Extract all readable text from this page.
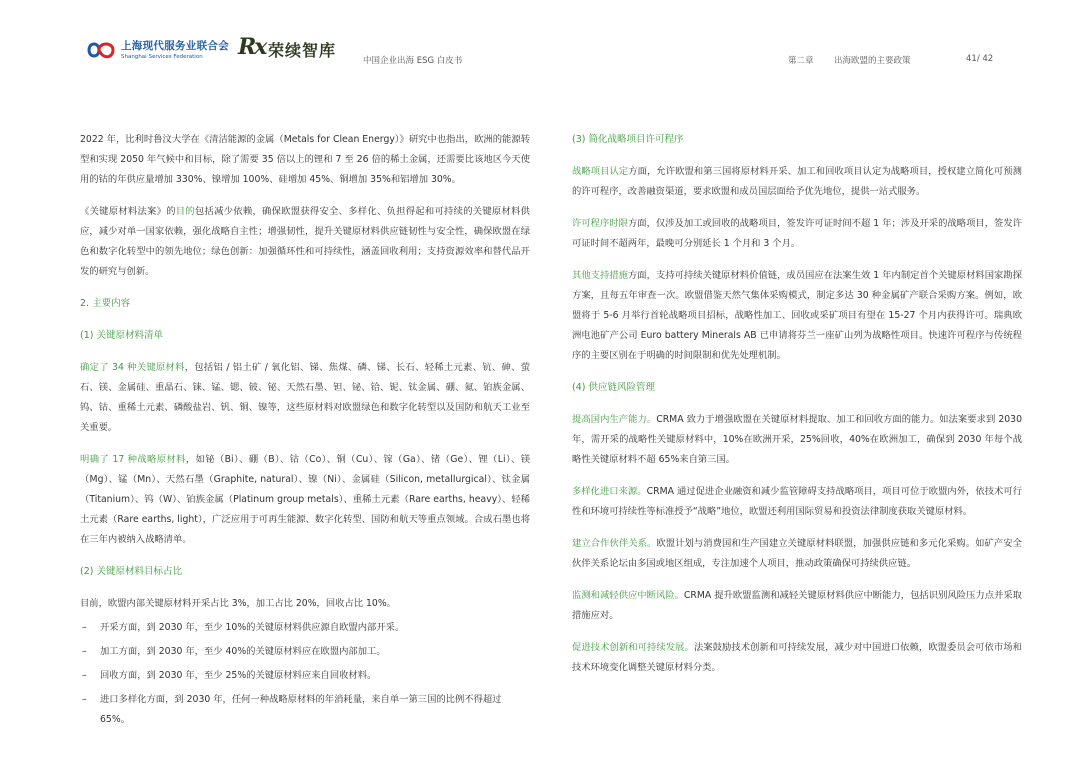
上海现代服务业联合会
Shanghai Services Federation	Rx 荣续智库
中国企业出海 ESG 白皮书	第二章 出海欧盟的主要政策	41/ 42

2022 年，比利时鲁汶大学在《清洁能源的金属（Metals for Clean Energy）》研究中也指出，欧洲的能源转型和实现 2050 年气候中和目标，除了需要 35 倍以上的锂和 7 至 26 倍的稀土金属，还需要比该地区今天使用的钴的年供应量增加 330%、镍增加 100%、硅增加 45%、铜增加 35%和铝增加 30%。

《关键原材料法案》的目的包括减少依赖，确保欧盟获得安全、多样化、负担得起和可持续的关键原材料供应，减少对单一国家依赖，强化战略自主性；增强韧性，提升关键原材料供应链韧性与安全性，确保欧盟在绿色和数字化转型中的领先地位；绿色创新：加强循环性和可持续性，涵盖回收利用；支持资源效率和替代品开发的研究与创新。

2. 主要内容
(1) 关键原材料清单

确定了 34 种关键原材料，包括铝 / 铝土矿 / 氧化铝、锑、焦煤、磷、锑、长石、轻稀土元素、钪、砷、萤石、镁、金属硅、重晶石、铼、锰、锶、铍、铋、天然石墨、钽、铋、铪、铌、钛金属、硼、氦、铂族金属、钨、钴、重稀土元素、磷酸盐岩、钒、铜、镍等，这些原材料对欧盟绿色和数字化转型以及国防和航天工业至关重要。

明确了 17 种战略原材料，如铋（Bi）、硼（B）、钴（Co）、铜（Cu）、镓（Ga）、锗（Ge）、锂（Li）、镁（Mg）、锰（Mn）、天然石墨（Graphite, natural）、镍（Ni）、金属硅（Silicon, metallurgical）、钛金属（Titanium）、钨（W）、铂族金属（Platinum group metals）、重稀土元素（Rare earths, heavy）、轻稀土元素（Rare earths, light），广泛应用于可再生能源、数字化转型、国防和航天等重点领域。合成石墨也将在三年内被纳入战略清单。

(2) 关键原材料目标占比

目前，欧盟内部关键原材料开采占比 3%，加工占比 20%，回收占比 10%。

– 开采方面，到 2030 年，至少 10%的关键原材料供应源自欧盟内部开采。
– 加工方面，到 2030 年，至少 40%的关键原材料应在欧盟内部加工。
– 回收方面，到 2030 年，至少 25%的关键原材料应来自回收材料。
– 进口多样化方面，到 2030 年，任何一种战略原材料的年消耗量，来自单一第三国的比例不得超过 65%。
(3) 简化战略项目许可程序

战略项目认定方面，允许欧盟和第三国将原材料开采、加工和回收项目认定为战略项目，授权建立简化可预测的许可程序，改善融资渠道，要求欧盟和成员国层面给予优先地位，提供一站式服务。

许可程序时限方面，仅涉及加工或回收的战略项目，签发许可证时间不超 1 年；涉及开采的战略项目，签发许可证时间不超两年，最晚可分别延长 1 个月和 3 个月。

其他支持措施方面，支持可持续关键原材料价值链，成员国应在法案生效 1 年内制定首个关键原材料国家勘探方案，且每五年审查一次。欧盟借鉴天然气集体采购模式，制定多达 30 种金属矿产联合采购方案。例如，欧盟将于 5-6 月举行首轮战略项目招标，战略性加工、回收或采矿项目有望在 15-27 个月内获得许可。瑞典欧洲电池矿产公司 Euro battery Minerals AB 已申请将芬兰一座矿山列为战略性项目。快速许可程序与传统程序的主要区别在于明确的时间限制和优先处理机制。

(4) 供应链风险管理

提高国内生产能力。CRMA 致力于增强欧盟在关键原材料提取、加工和回收方面的能力。如法案要求到 2030 年，需开采的战略性关键原材料中，10%在欧洲开采，25%回收，40%在欧洲加工，确保到 2030 年每个战略性关键原材料不超 65%来自第三国。

多样化进口来源。CRMA 通过促进企业融资和减少监管障碍支持战略项目，项目可位于欧盟内外，依技术可行性和环境可持续性等标准授予“战略”地位，欧盟还利用国际贸易和投资法律制度获取关键原材料。

建立合作伙伴关系。欧盟计划与消费国和生产国建立关键原材料联盟，加强供应链和多元化采购。如矿产安全伙伴关系论坛由多国或地区组成，专注加速个人项目，推动政策确保可持续供应链。

监测和减轻供应中断风险。CRMA 提升欧盟监测和减轻关键原材料供应中断能力，包括识别风险压力点并采取措施应对。

促进技术创新和可持续发展。法案鼓励技术创新和可持续发展，减少对中国进口依赖，欧盟委员会可依市场和技术环境变化调整关键原材料分类。
